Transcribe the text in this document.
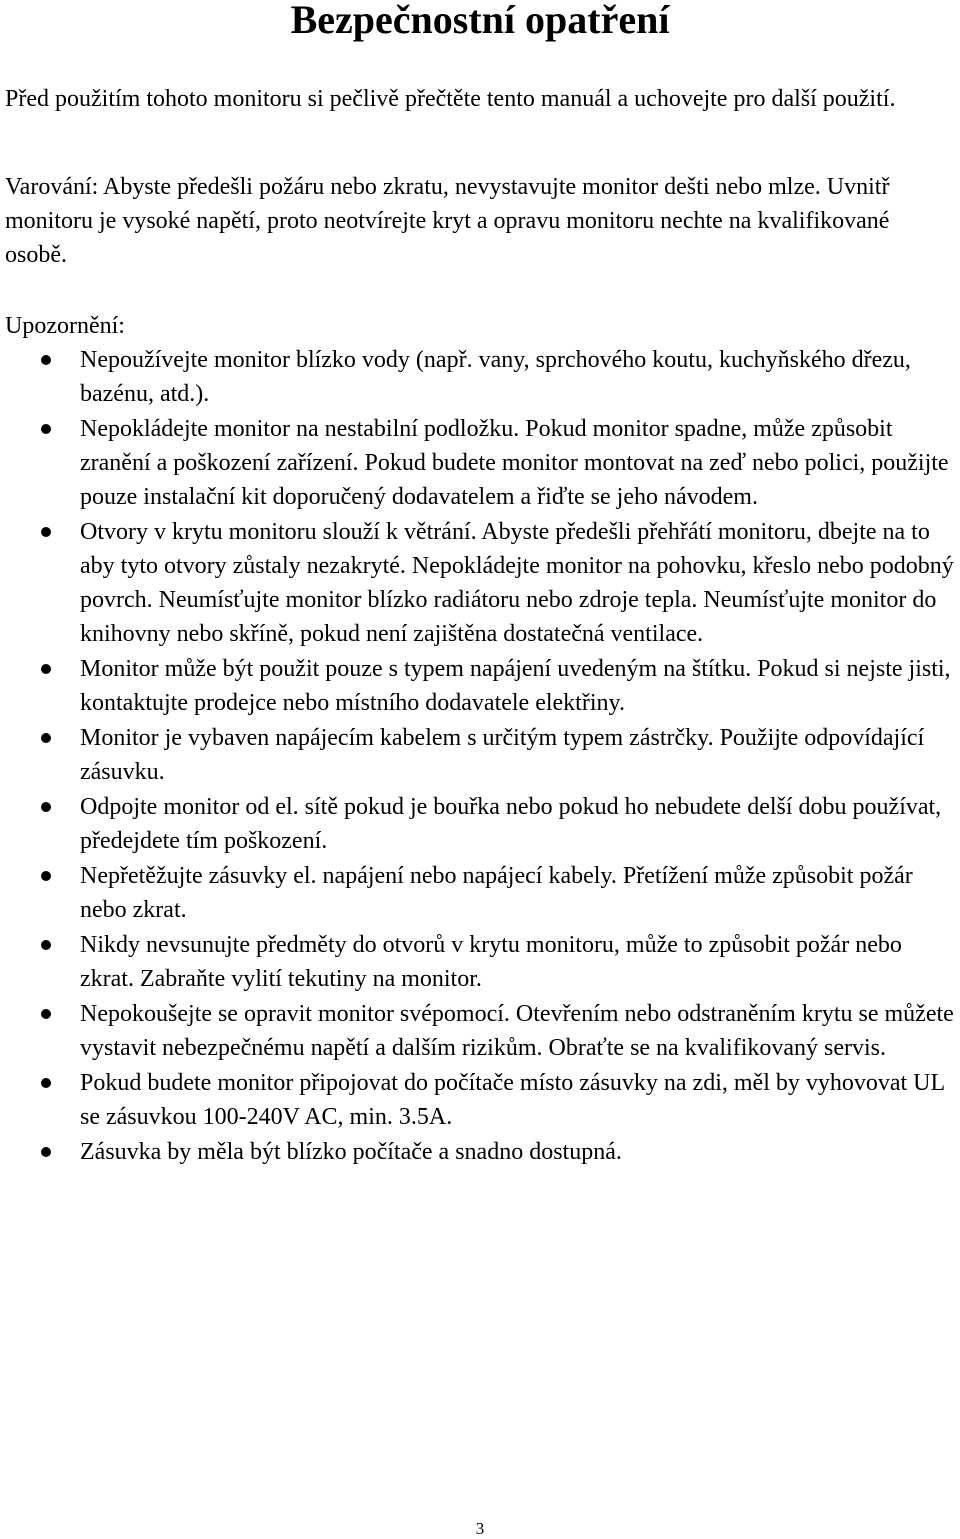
Bezpečnostní opatření

Před použitím tohoto monitoru si pečlivě přečtěte tento manuál a uchovejte pro další použití.

Varování: Abyste předešli požáru nebo zkratu, nevystavujte monitor dešti nebo mlze. Uvnitř monitoru je vysoké napětí, proto neotvírejte kryt a opravu monitoru nechte na kvalifikované osobě.

Upozornění:

Nepoužívejte monitor blízko vody (např. vany, sprchového koutu, kuchyňského dřezu, bazénu, atd.).
Nepokládejte monitor na nestabilní podložku. Pokud monitor spadne, může způsobit zranění a poškození zařízení. Pokud budete monitor montovat na zeď nebo polici, použijte pouze instalační kit doporučený dodavatelem a řiďte se jeho návodem.
Otvory v krytu monitoru slouží k větrání. Abyste předešli přehřátí monitoru, dbejte na to aby tyto otvory zůstaly nezakryté. Nepokládejte monitor na pohovku, křeslo nebo podobný povrch. Neumísťujte monitor blízko radiátoru nebo zdroje tepla. Neumísťujte monitor do knihovny nebo skříně, pokud není zajištěna dostatečná ventilace.
Monitor může být použit pouze s typem napájení uvedeným na štítku. Pokud si nejste jisti, kontaktujte prodejce nebo místního dodavatele elektřiny.
Monitor je vybaven napájecím kabelem s určitým typem zástrčky. Použijte odpovídající zásuvku.
Odpojte monitor od el. sítě pokud je bouřka nebo pokud ho nebudete delší dobu používat, předejdete tím poškození.
Nepřetěžujte zásuvky el. napájení nebo napájecí kabely. Přetížení může způsobit požár nebo zkrat.
Nikdy nevsunujte předměty do otvorů v krytu monitoru, může to způsobit požár nebo zkrat. Zabraňte vylití tekutiny na monitor.
Nepokoušejte se opravit monitor svépomocí. Otevřením nebo odstraněním krytu se můžete vystavit nebezpečnému napětí a dalším rizikům. Obraťte se na kvalifikovaný servis.
Pokud budete monitor připojovat do počítače místo zásuvky na zdi, měl by vyhovovat UL se zásuvkou 100-240V AC, min. 3.5A.
Zásuvka by měla být blízko počítače a snadno dostupná.

3
